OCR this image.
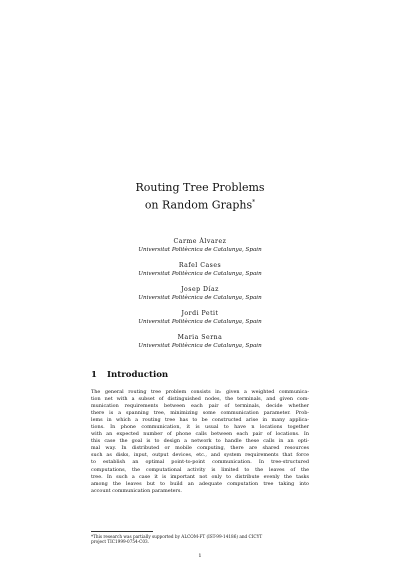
Routing Tree Problems
on Random Graphs*
Carme Àlvarez
Universitat Politècnica de Catalunya, Spain
Rafel Cases
Universitat Politècnica de Catalunya, Spain
Josep Díaz
Universitat Politècnica de Catalunya, Spain
Jordi Petit
Universitat Politècnica de Catalunya, Spain
Maria Serna
Universitat Politècnica de Catalunya, Spain
1 Introduction
The general routing tree problem consists in: given a weighted communica-
tion net with a subset of distinguished nodes, the terminals, and given com-
munication requirements between each pair of terminals, decide whether
there is a spanning tree, minimizing some communication parameter. Prob-
lems in which a routing tree has to be constructed arise in many applica-
tions. In phone communication, it is usual to have n locations together
with an expected number of phone calls between each pair of locations. In
this case the goal is to design a network to handle these calls in an opti-
mal way. In distributed or mobile computing, there are shared resources
such as disks, input, output devices, etc., and system requirements that force
to establish an optimal point-to-point communication. In tree-structured
computations, the computational activity is limited to the leaves of the
tree. In such a case it is important not only to distribute evenly the tasks
among the leaves but to build an adequate computation tree taking into
account communication parameters.
*This research was partially supported by ALCOM-FT (IST-99-14186) and CICYT
project TIC1999-0754-C03.
1
